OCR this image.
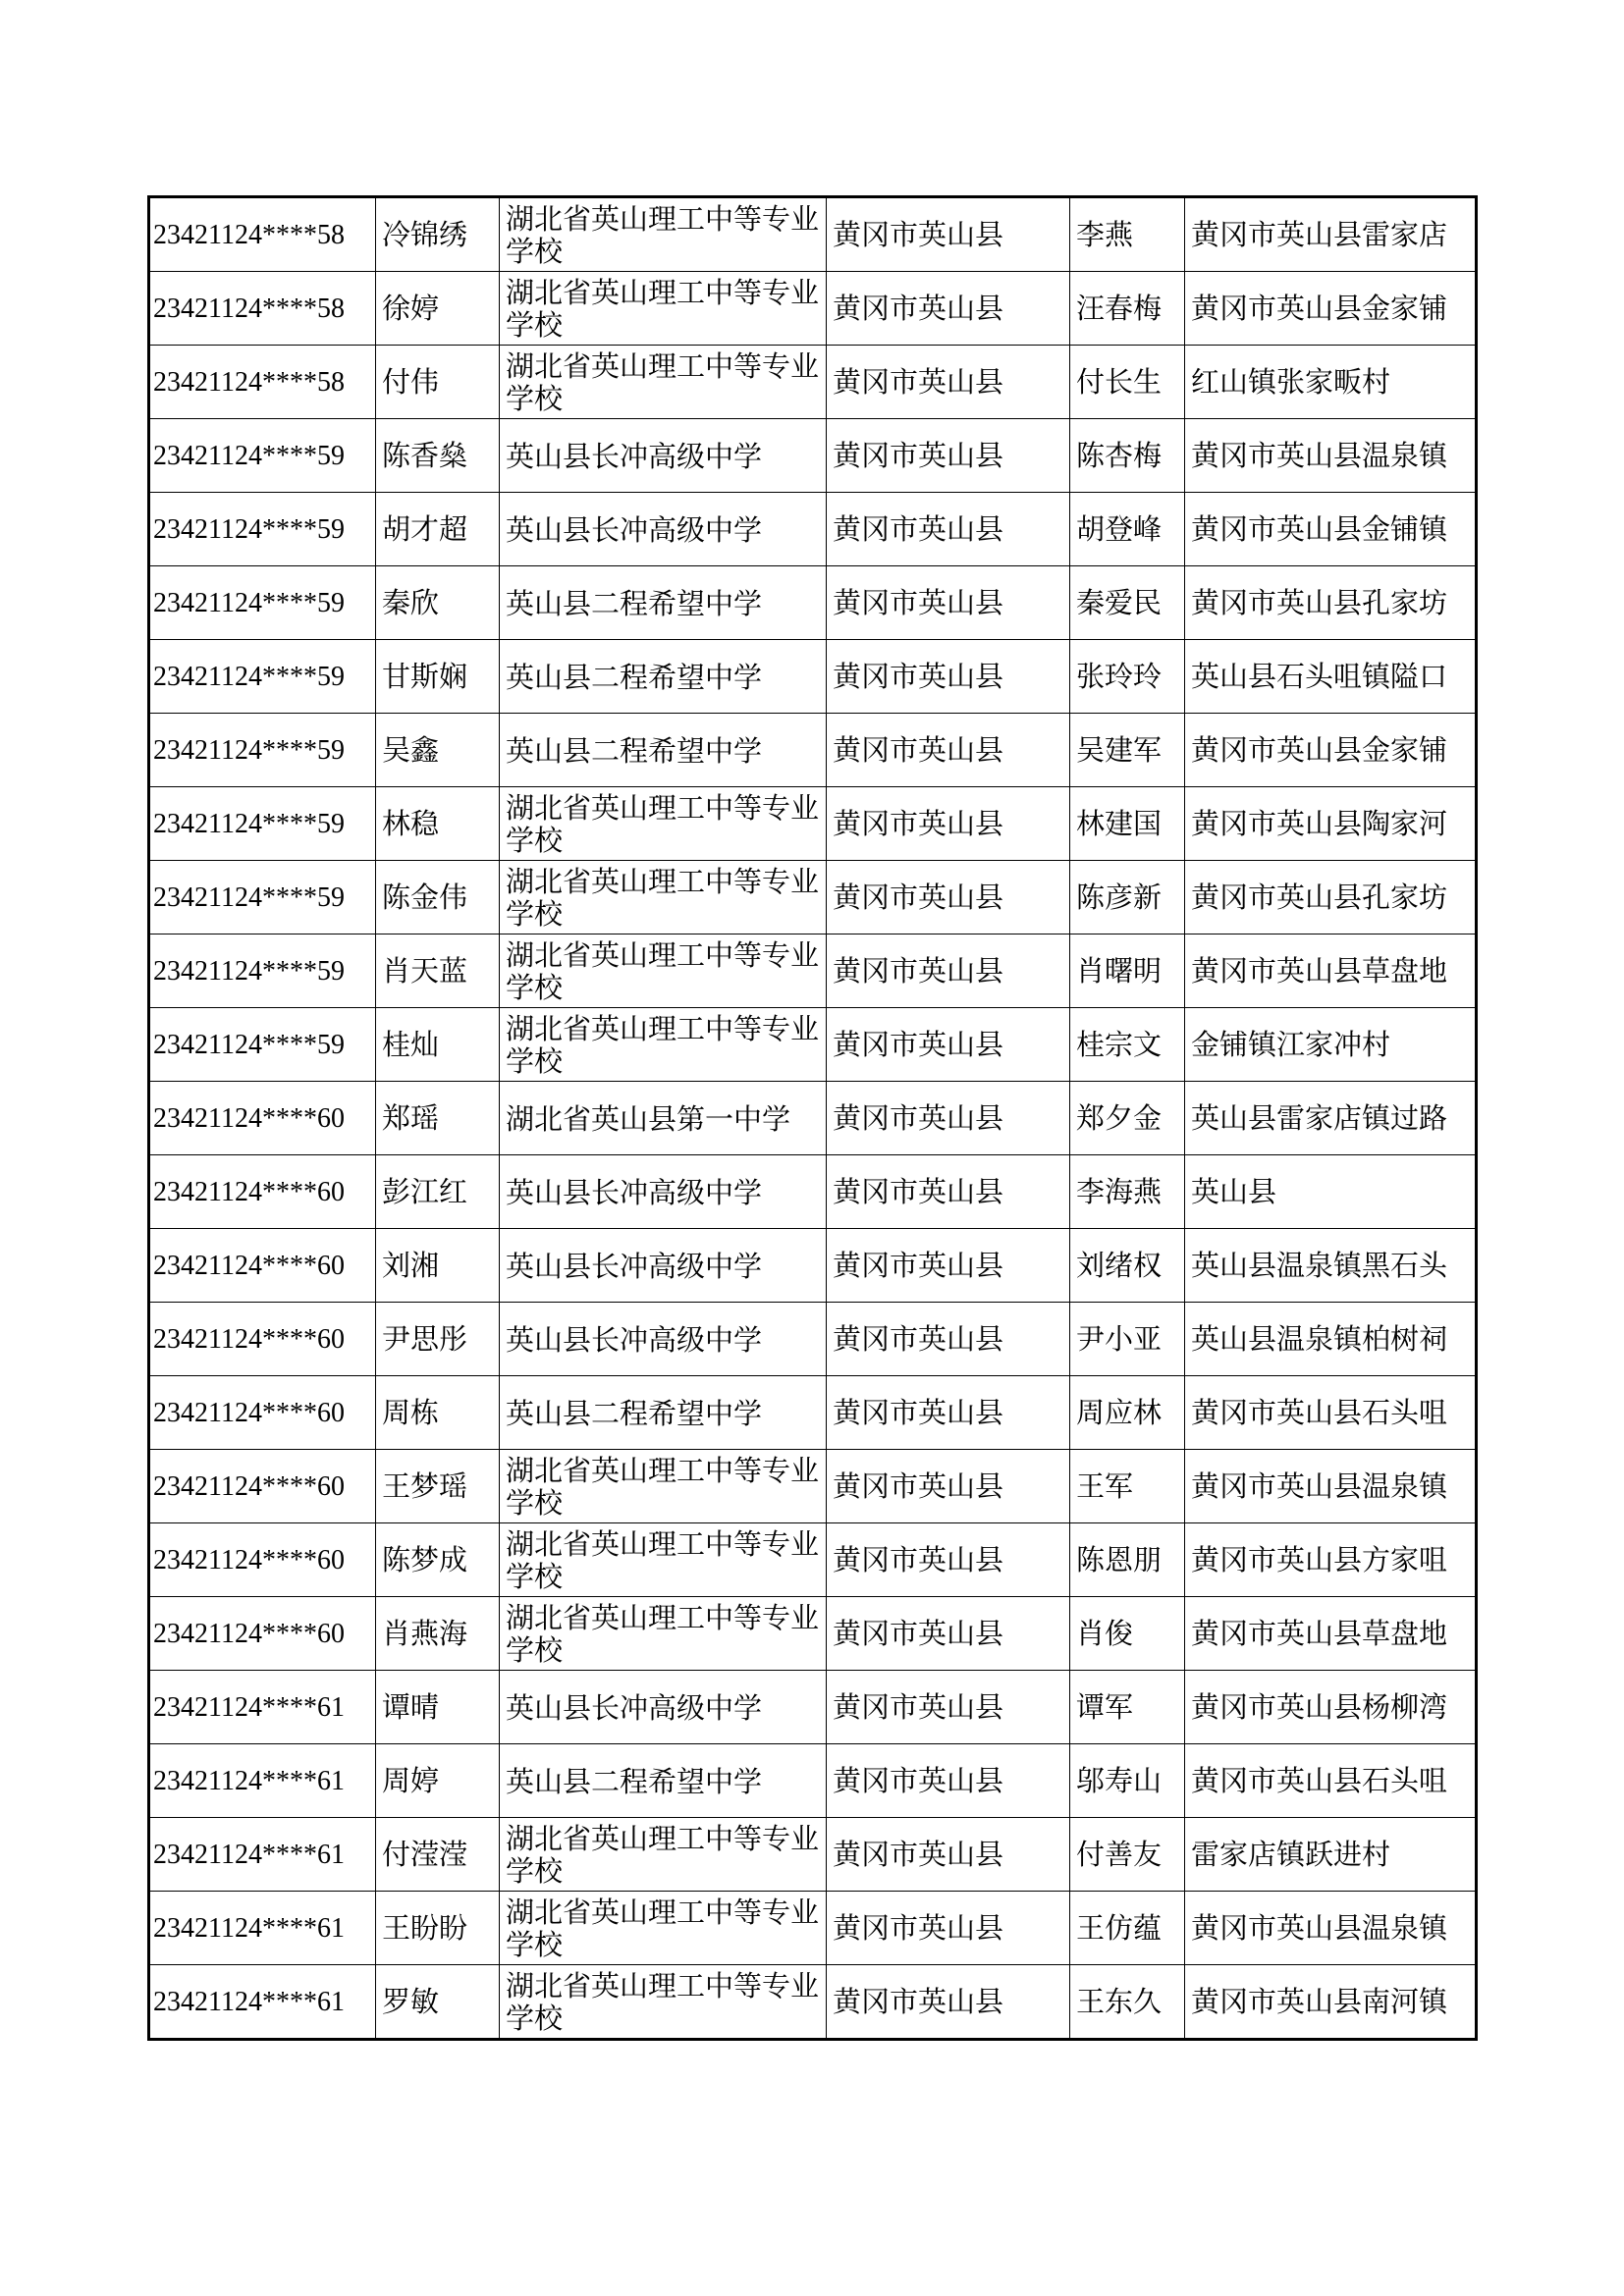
23421124****58	冷锦绣	湖北省英山理工中等专业学校	黄冈市英山县	李燕	黄冈市英山县雷家店
23421124****58	徐婷	湖北省英山理工中等专业学校	黄冈市英山县	汪春梅	黄冈市英山县金家铺
23421124****58	付伟	湖北省英山理工中等专业学校	黄冈市英山县	付长生	红山镇张家畈村
23421124****59	陈香燊	英山县长冲高级中学	黄冈市英山县	陈杏梅	黄冈市英山县温泉镇
23421124****59	胡才超	英山县长冲高级中学	黄冈市英山县	胡登峰	黄冈市英山县金铺镇
23421124****59	秦欣	英山县二程希望中学	黄冈市英山县	秦爱民	黄冈市英山县孔家坊
23421124****59	甘斯娴	英山县二程希望中学	黄冈市英山县	张玲玲	英山县石头咀镇隘口
23421124****59	吴鑫	英山县二程希望中学	黄冈市英山县	吴建军	黄冈市英山县金家铺
23421124****59	林稳	湖北省英山理工中等专业学校	黄冈市英山县	林建国	黄冈市英山县陶家河
23421124****59	陈金伟	湖北省英山理工中等专业学校	黄冈市英山县	陈彦新	黄冈市英山县孔家坊
23421124****59	肖天蓝	湖北省英山理工中等专业学校	黄冈市英山县	肖曙明	黄冈市英山县草盘地
23421124****59	桂灿	湖北省英山理工中等专业学校	黄冈市英山县	桂宗文	金铺镇江家冲村
23421124****60	郑瑶	湖北省英山县第一中学	黄冈市英山县	郑夕金	英山县雷家店镇过路
23421124****60	彭江红	英山县长冲高级中学	黄冈市英山县	李海燕	英山县
23421124****60	刘湘	英山县长冲高级中学	黄冈市英山县	刘绪权	英山县温泉镇黑石头
23421124****60	尹思彤	英山县长冲高级中学	黄冈市英山县	尹小亚	英山县温泉镇柏树祠
23421124****60	周栋	英山县二程希望中学	黄冈市英山县	周应林	黄冈市英山县石头咀
23421124****60	王梦瑶	湖北省英山理工中等专业学校	黄冈市英山县	王军	黄冈市英山县温泉镇
23421124****60	陈梦成	湖北省英山理工中等专业学校	黄冈市英山县	陈恩朋	黄冈市英山县方家咀
23421124****60	肖燕海	湖北省英山理工中等专业学校	黄冈市英山县	肖俊	黄冈市英山县草盘地
23421124****61	谭晴	英山县长冲高级中学	黄冈市英山县	谭军	黄冈市英山县杨柳湾
23421124****61	周婷	英山县二程希望中学	黄冈市英山县	邬寿山	黄冈市英山县石头咀
23421124****61	付滢滢	湖北省英山理工中等专业学校	黄冈市英山县	付善友	雷家店镇跃进村
23421124****61	王盼盼	湖北省英山理工中等专业学校	黄冈市英山县	王仿蕴	黄冈市英山县温泉镇
23421124****61	罗敏	湖北省英山理工中等专业学校	黄冈市英山县	王东久	黄冈市英山县南河镇
